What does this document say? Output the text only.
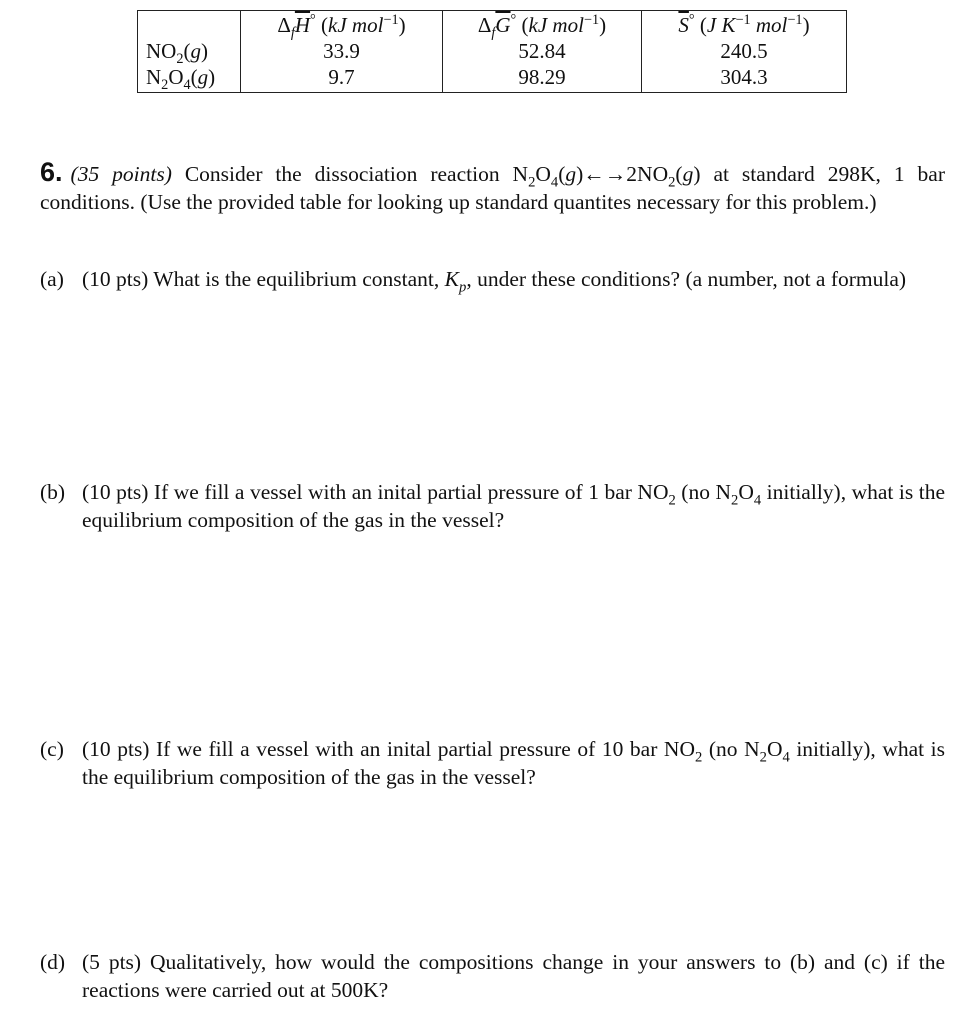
	$\Delta_f\overline{H}^\circ$ (kJ mol$^{-1}$)	$\Delta_f\overline{G}^\circ$ (kJ mol$^{-1}$)	$\overline{S}^\circ$ (J $K^{-1}$ mol$^{-1}$)
$NO_2(g)$	33.9	52.84	240.5
$N_2O_4(g)$	9.7	98.29	304.3
6. (35 points) Consider the dissociation reaction $N_2O_4(g)\leftarrow\to 2NO_2(g)$ at standard 298K, 1 bar conditions. (Use the provided table for looking up standard quantites necessary for this problem.)
(a) (10 pts) What is the equilibrium constant, $K_p$, under these conditions? (a number, not a formula)
(b) (10 pts) If we fill a vessel with an inital partial pressure of 1 bar $NO_2$ (no $N_2O_4$ initially), what is the equilibrium composition of the gas in the vessel?
(c) (10 pts) If we fill a vessel with an inital partial pressure of 10 bar $NO_2$ (no $N_2O_4$ initially), what is the equilibrium composition of the gas in the vessel?
(d) (5 pts) Qualitatively, how would the compositions change in your answers to (b) and (c) if the reactions were carried out at 500K?
